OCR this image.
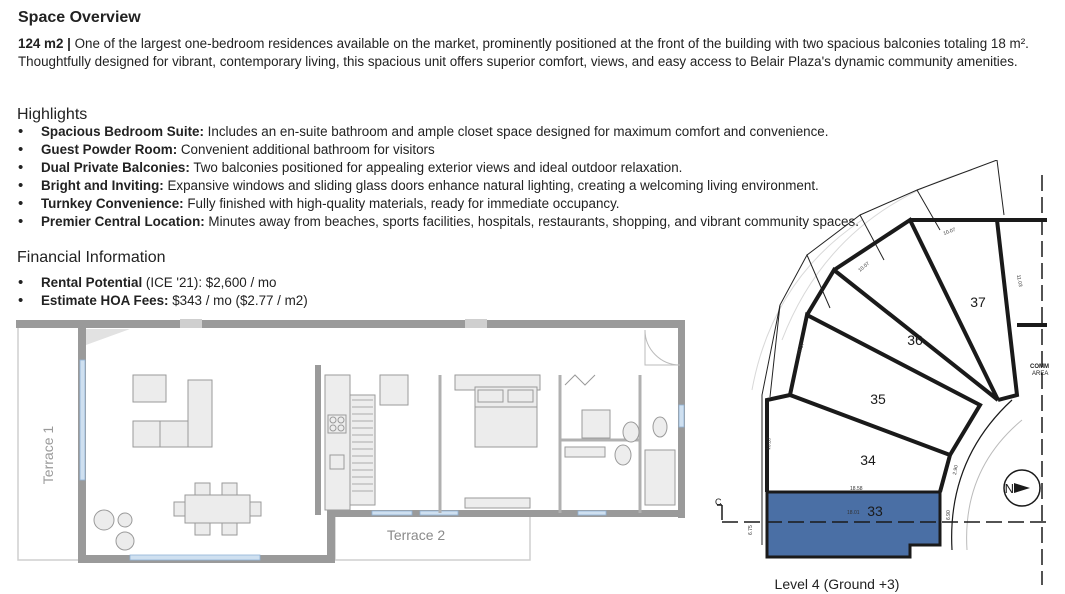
Space Overview
124 m2 | One of the largest one-bedroom residences available on the market, prominently positioned at the front of the building with two spacious balconies totaling 18 m². Thoughtfully designed for vibrant, contemporary living, this spacious unit offers superior comfort, views, and easy access to Belair Plaza's dynamic community amenities.
Highlights
• Spacious Bedroom Suite: Includes an en-suite bathroom and ample closet space designed for maximum comfort and convenience.
• Guest Powder Room: Convenient additional bathroom for visitors
• Dual Private Balconies: Two balconies positioned for appealing exterior views and ideal outdoor relaxation.
• Bright and Inviting: Expansive windows and sliding glass doors enhance natural lighting, creating a welcoming living environment.
• Turnkey Convenience: Fully finished with high-quality materials, ready for immediate occupancy.
• Premier Central Location: Minutes away from beaches, sports facilities, hospitals, restaurants, shopping, and vibrant community spaces.
Financial Information
• Rental Potential (ICE '21): $2,600 / mo
• Estimate HOA Fees: $343 / mo ($2.77 / m2)
Terrace 1
Terrace 2
N
C
COMM
AREA
10.07
10.07
10.07
10.07
11.03
18.58
18.01
6.75
6.90
2.90
37
36
35
34
33
Level 4 (Ground +3)
